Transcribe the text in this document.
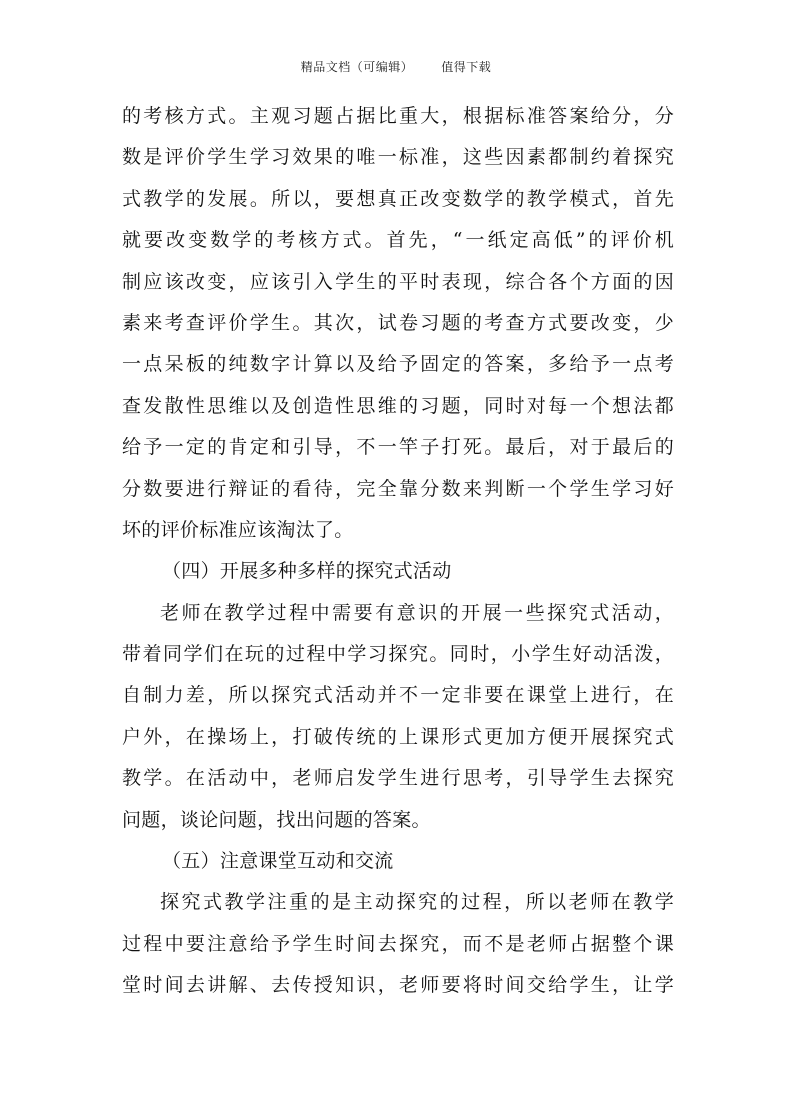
精品文档（可编辑） 值得下载
的考核方式。主观习题占据比重大，根据标准答案给分，分
数是评价学生学习效果的唯一标准，这些因素都制约着探究
式教学的发展。所以，要想真正改变数学的教学模式，首先
就要改变数学的考核方式。首先，“一纸定高低”的评价机
制应该改变，应该引入学生的平时表现，综合各个方面的因
素来考查评价学生。其次，试卷习题的考查方式要改变，少
一点呆板的纯数字计算以及给予固定的答案，多给予一点考
查发散性思维以及创造性思维的习题，同时对每一个想法都
给予一定的肯定和引导，不一竿子打死。最后，对于最后的
分数要进行辩证的看待，完全靠分数来判断一个学生学习好
坏的评价标准应该淘汰了。
（四）开展多种多样的探究式活动
老师在教学过程中需要有意识的开展一些探究式活动，
带着同学们在玩的过程中学习探究。同时，小学生好动活泼，
自制力差，所以探究式活动并不一定非要在课堂上进行，在
户外，在操场上，打破传统的上课形式更加方便开展探究式
教学。在活动中，老师启发学生进行思考，引导学生去探究
问题，谈论问题，找出问题的答案。
（五）注意课堂互动和交流
探究式教学注重的是主动探究的过程，所以老师在教学
过程中要注意给予学生时间去探究，而不是老师占据整个课
堂时间去讲解、去传授知识，老师要将时间交给学生，让学
